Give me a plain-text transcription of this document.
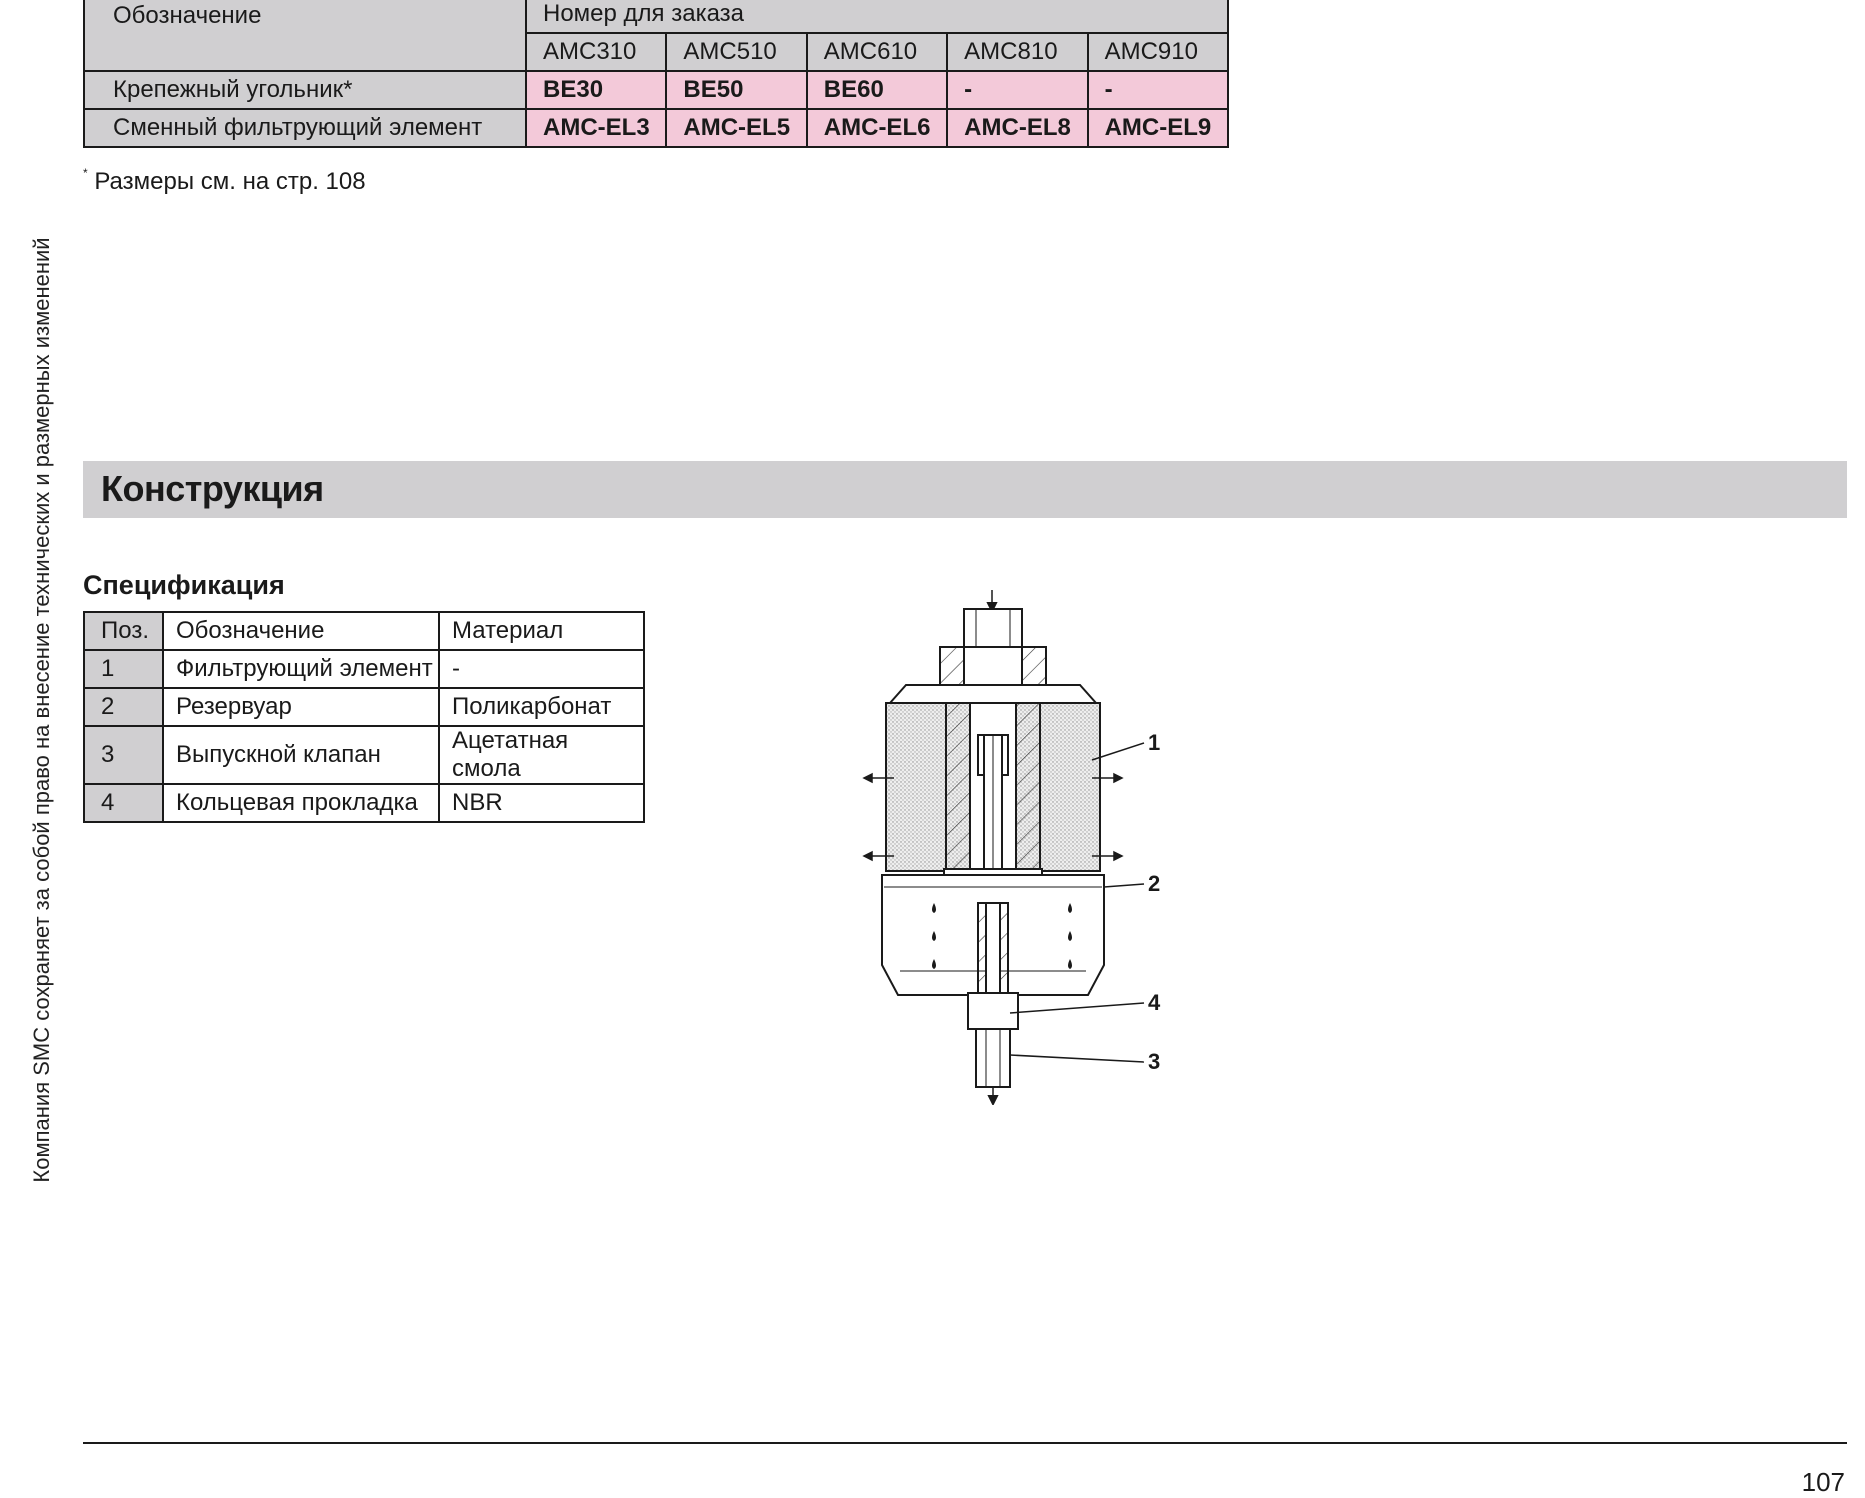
Компания SMC сохраняет за собой право на внесение технических и размерных изменений
Обозначение	Номер для заказа				
	AMC310	AMC510	AMC610	AMC810	AMC910
Крепежный угольник*	BE30	BE50	BE60	-	-
Сменный фильтрующий элемент	AMC-EL3	AMC-EL5	AMC-EL6	AMC-EL8	AMC-EL9
* Размеры см. на стр. 108
Конструкция
Спецификация
Поз.	Обозначение	Материал
1	Фильтрующий элемент	-
2	Резервуар	Поликарбонат
3	Выпускной клапан	Ацетатная смола
4	Кольцевая прокладка	NBR
1
2
4
3
107
